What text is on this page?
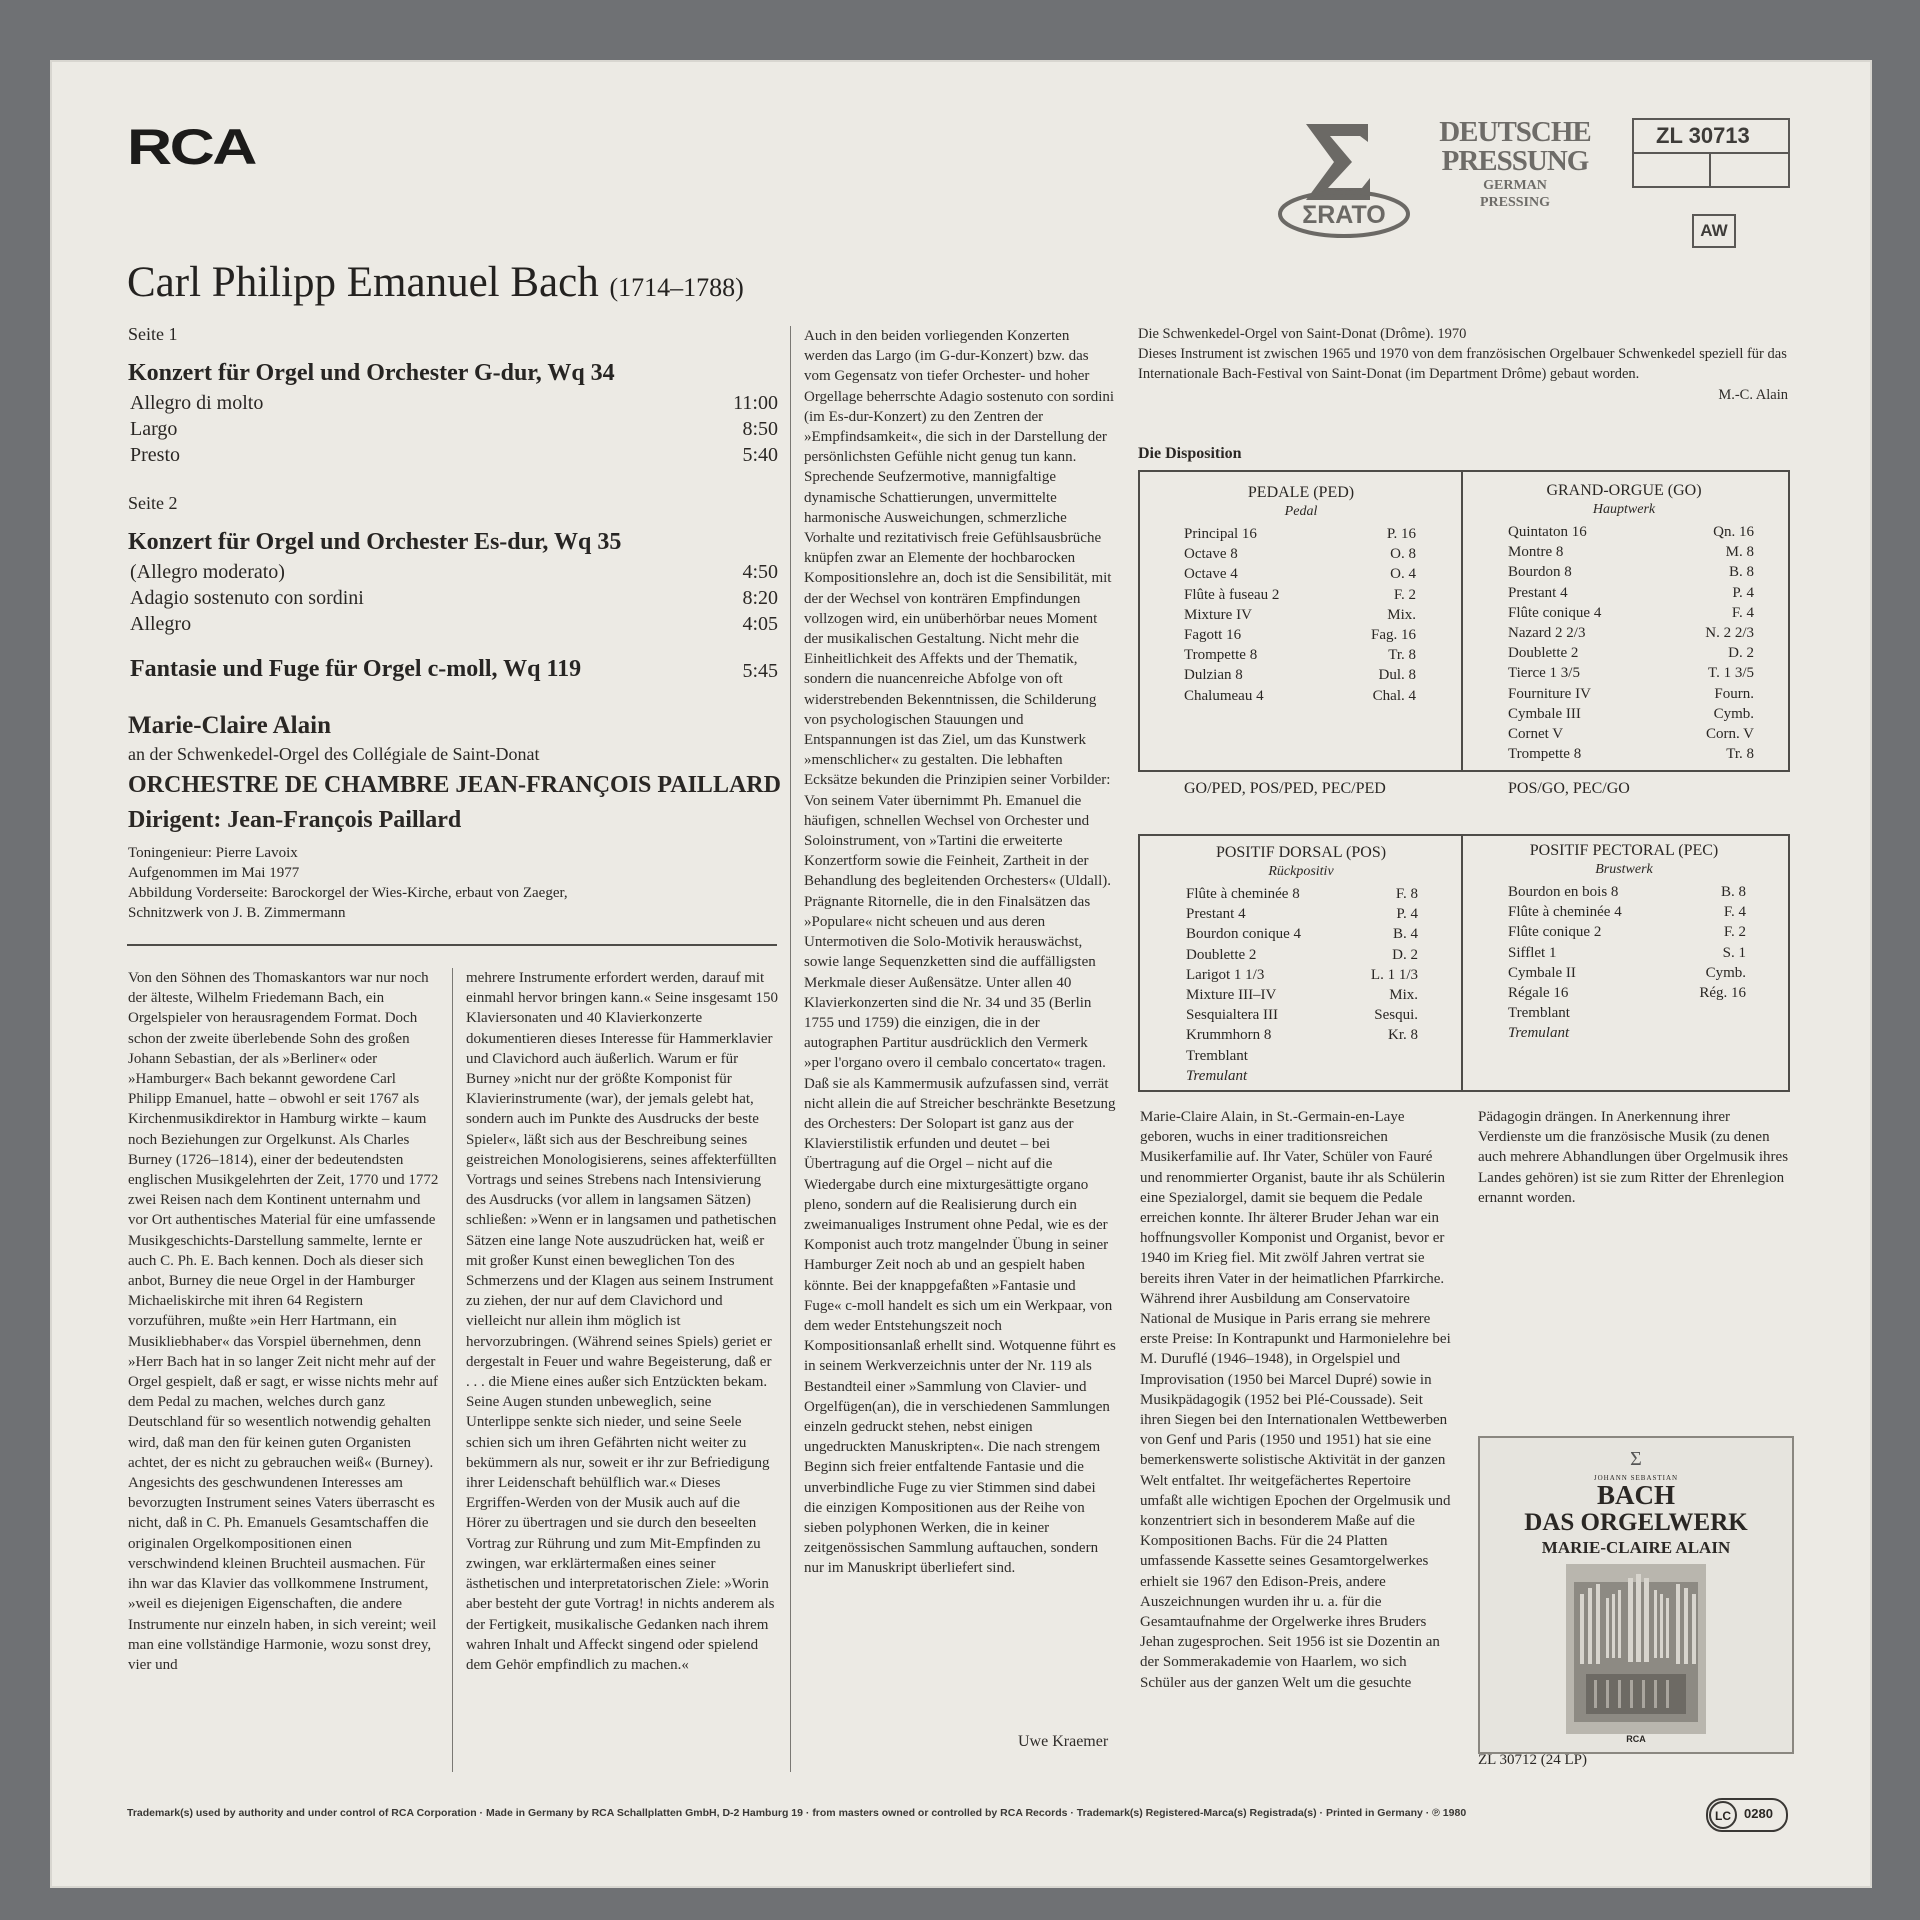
RCA
ΣRATO
DEUTSCHE
PRESSUNG
GERMAN
PRESSING
ZL 30713
AW
Carl Philipp Emanuel Bach (1714–1788)
Seite 1
Konzert für Orgel und Orchester G-dur, Wq 34
Allegro di molto	11:00
Largo	8:50
Presto	5:40
Seite 2
Konzert für Orgel und Orchester Es-dur, Wq 35
(Allegro moderato)	4:50
Adagio sostenuto con sordini	8:20
Allegro	4:05
Fantasie und Fuge für Orgel c-moll, Wq 119	5:45
Marie-Claire Alain
an der Schwenkedel-Orgel des Collégiale de Saint-Donat
ORCHESTRE DE CHAMBRE JEAN-FRANÇOIS PAILLARD
Dirigent: Jean-François Paillard
Toningenieur: Pierre Lavoix
Aufgenommen im Mai 1977
Abbildung Vorderseite: Barockorgel der Wies-Kirche, erbaut von Zaeger,
Schnitzwerk von J. B. Zimmermann
Von den Söhnen des Thomaskantors war nur noch der älteste, Wilhelm Friedemann Bach, ein Orgelspieler von herausragendem Format. Doch schon der zweite überlebende Sohn des großen Johann Sebastian, der als »Berliner« oder »Hamburger« Bach bekannt gewordene Carl Philipp Emanuel, hatte – obwohl er seit 1767 als Kirchenmusikdirektor in Hamburg wirkte – kaum noch Beziehungen zur Orgelkunst. Als Charles Burney (1726–1814), einer der bedeutendsten englischen Musikgelehrten der Zeit, 1770 und 1772 zwei Reisen nach dem Kontinent unternahm und vor Ort authentisches Material für eine umfassende Musikgeschichts-Darstellung sammelte, lernte er auch C. Ph. E. Bach kennen. Doch als dieser sich anbot, Burney die neue Orgel in der Hamburger Michaeliskirche mit ihren 64 Registern vorzuführen, mußte »ein Herr Hartmann, ein Musikliebhaber« das Vorspiel übernehmen, denn »Herr Bach hat in so langer Zeit nicht mehr auf der Orgel gespielt, daß er sagt, er wisse nichts mehr auf dem Pedal zu machen, welches durch ganz Deutschland für so wesentlich notwendig gehalten wird, daß man den für keinen guten Organisten achtet, der es nicht zu gebrauchen weiß« (Burney). Angesichts des geschwundenen Interesses am bevorzugten Instrument seines Vaters überrascht es nicht, daß in C. Ph. Emanuels Gesamtschaffen die originalen Orgelkompositionen einen verschwindend kleinen Bruchteil ausmachen. Für ihn war das Klavier das vollkommene Instrument, »weil es diejenigen Eigenschaften, die andere Instrumente nur einzeln haben, in sich vereint; weil man eine vollständige Harmonie, wozu sonst drey, vier und
mehrere Instrumente erfordert werden, darauf mit einmahl hervor bringen kann.« Seine insgesamt 150 Klaviersonaten und 40 Klavierkonzerte dokumentieren dieses Interesse für Hammerklavier und Clavichord auch äußerlich. Warum er für Burney »nicht nur der größte Komponist für Klavierinstrumente (war), der jemals gelebt hat, sondern auch im Punkte des Ausdrucks der beste Spieler«, läßt sich aus der Beschreibung seines geistreichen Monologisierens, seines affekterfüllten Vortrags und seines Strebens nach Intensivierung des Ausdrucks (vor allem in langsamen Sätzen) schließen: »Wenn er in langsamen und pathetischen Sätzen eine lange Note auszudrücken hat, weiß er mit großer Kunst einen beweglichen Ton des Schmerzens und der Klagen aus seinem Instrument zu ziehen, der nur auf dem Clavichord und vielleicht nur allein ihm möglich ist hervorzubringen. (Während seines Spiels) geriet er dergestalt in Feuer und wahre Begeisterung, daß er . . . die Miene eines außer sich Entzückten bekam. Seine Augen stunden unbeweglich, seine Unterlippe senkte sich nieder, und seine Seele schien sich um ihren Gefährten nicht weiter zu bekümmern als nur, soweit er ihr zur Befriedigung ihrer Leidenschaft behülflich war.« Dieses Ergriffen-Werden von der Musik auch auf die Hörer zu übertragen und sie durch den beseelten Vortrag zur Rührung und zum Mit-Empfinden zu zwingen, war erklärtermaßen eines seiner ästhetischen und interpretatorischen Ziele: »Worin aber besteht der gute Vortrag! in nichts anderem als der Fertigkeit, musikalische Gedanken nach ihrem wahren Inhalt und Affeckt singend oder spielend dem Gehör empfindlich zu machen.«
Auch in den beiden vorliegenden Konzerten werden das Largo (im G-dur-Konzert) bzw. das vom Gegensatz von tiefer Orchester- und hoher Orgellage beherrschte Adagio sostenuto con sordini (im Es-dur-Konzert) zu den Zentren der »Empfindsamkeit«, die sich in der Darstellung der persönlichsten Gefühle nicht genug tun kann. Sprechende Seufzermotive, mannigfaltige dynamische Schattierungen, unvermittelte harmonische Ausweichungen, schmerzliche Vorhalte und rezitativisch freie Gefühlsausbrüche knüpfen zwar an Elemente der hochbarocken Kompositionslehre an, doch ist die Sensibilität, mit der der Wechsel von konträren Empfindungen vollzogen wird, ein unüberhörbar neues Moment der musikalischen Gestaltung. Nicht mehr die Einheitlichkeit des Affekts und der Thematik, sondern die nuancenreiche Abfolge von oft widerstrebenden Bekenntnissen, die Schilderung von psychologischen Stauungen und Entspannungen ist das Ziel, um das Kunstwerk »menschlicher« zu gestalten. Die lebhaften Ecksätze bekunden die Prinzipien seiner Vorbilder: Von seinem Vater übernimmt Ph. Emanuel die häufigen, schnellen Wechsel von Orchester und Soloinstrument, von »Tartini die erweiterte Konzertform sowie die Feinheit, Zartheit in der Behandlung des begleitenden Orchesters« (Uldall). Prägnante Ritornelle, die in den Finalsätzen das »Populare« nicht scheuen und aus deren Untermotiven die Solo-Motivik herauswächst, sowie lange Sequenzketten sind die auffälligsten Merkmale dieser Außensätze. Unter allen 40 Klavierkonzerten sind die Nr. 34 und 35 (Berlin 1755 und 1759) die einzigen, die in der autographen Partitur ausdrücklich den Vermerk »per l'organo overo il cembalo concertato« tragen. Daß sie als Kammermusik aufzufassen sind, verrät nicht allein die auf Streicher beschränkte Besetzung des Orchesters: Der Solopart ist ganz aus der Klavierstilistik erfunden und deutet – bei Übertragung auf die Orgel – nicht auf die Wiedergabe durch eine mixturgesättigte organo pleno, sondern auf die Realisierung durch ein zweimanualiges Instrument ohne Pedal, wie es der Komponist auch trotz mangelnder Übung in seiner Hamburger Zeit noch ab und an gespielt haben könnte. Bei der knappgefaßten »Fantasie und Fuge« c-moll handelt es sich um ein Werkpaar, von dem weder Entstehungszeit noch Kompositionsanlaß erhellt sind. Wotquenne führt es in seinem Werkverzeichnis unter der Nr. 119 als Bestandteil einer »Sammlung von Clavier- und Orgelfügen(an), die in verschiedenen Sammlungen einzeln gedruckt stehen, nebst einigen ungedruckten Manuskripten«. Die nach strengem Beginn sich freier entfaltende Fantasie und die unverbindliche Fuge zu vier Stimmen sind dabei die einzigen Kompositionen aus der Reihe von sieben polyphonen Werken, die in keiner zeitgenössischen Sammlung auftauchen, sondern nur im Manuskript überliefert sind.
Uwe Kraemer
Die Schwenkedel-Orgel von Saint-Donat (Drôme). 1970
Dieses Instrument ist zwischen 1965 und 1970 von dem französischen Orgelbauer Schwenkedel speziell für das Internationale Bach-Festival von Saint-Donat (im Department Drôme) gebaut worden.
M.-C. Alain
Die Disposition
PEDALE (PED)
Pedal
Principal 16	P. 16
Octave 8	O. 8
Octave 4	O. 4
Flûte à fuseau 2	F. 2
Mixture IV	Mix.
Fagott 16	Fag. 16
Trompette 8	Tr. 8
Dulzian 8	Dul. 8
Chalumeau 4	Chal. 4
GRAND-ORGUE (GO)
Hauptwerk
Quintaton 16	Qn. 16
Montre 8	M. 8
Bourdon 8	B. 8
Prestant 4	P. 4
Flûte conique 4	F. 4
Nazard 2 2/3	N. 2 2/3
Doublette 2	D. 2
Tierce 1 3/5	T. 1 3/5
Fourniture IV	Fourn.
Cymbale III	Cymb.
Cornet V	Corn. V
Trompette 8	Tr. 8
GO/PED, POS/PED, PEC/PED	POS/GO, PEC/GO
POSITIF DORSAL (POS)
Rückpositiv
Flûte à cheminée 8	F. 8
Prestant 4	P. 4
Bourdon conique 4	B. 4
Doublette 2	D. 2
Larigot 1 1/3	L. 1 1/3
Mixture III–IV	Mix.
Sesquialtera III	Sesqui.
Krummhorn 8	Kr. 8
Tremblant
Tremulant
POSITIF PECTORAL (PEC)
Brustwerk
Bourdon en bois 8	B. 8
Flûte à cheminée 4	F. 4
Flûte conique 2	F. 2
Sifflet 1	S. 1
Cymbale II	Cymb.
Régale 16	Rég. 16
Tremblant
Tremulant
Marie-Claire Alain, in St.-Germain-en-Laye geboren, wuchs in einer traditionsreichen Musikerfamilie auf. Ihr Vater, Schüler von Fauré und renommierter Organist, baute ihr als Schülerin eine Spezialorgel, damit sie bequem die Pedale erreichen konnte. Ihr älterer Bruder Jehan war ein hoffnungsvoller Komponist und Organist, bevor er 1940 im Krieg fiel. Mit zwölf Jahren vertrat sie bereits ihren Vater in der heimatlichen Pfarrkirche. Während ihrer Ausbildung am Conservatoire National de Musique in Paris errang sie mehrere erste Preise: In Kontrapunkt und Harmonielehre bei M. Duruflé (1946–1948), in Orgelspiel und Improvisation (1950 bei Marcel Dupré) sowie in Musikpädagogik (1952 bei Plé-Coussade). Seit ihren Siegen bei den Internationalen Wettbewerben von Genf und Paris (1950 und 1951) hat sie eine bemerkenswerte solistische Aktivität in der ganzen Welt entfaltet. Ihr weitgefächertes Repertoire umfaßt alle wichtigen Epochen der Orgelmusik und konzentriert sich in besonderem Maße auf die Kompositionen Bachs. Für die 24 Platten umfassende Kassette seines Gesamtorgelwerkes erhielt sie 1967 den Edison-Preis, andere Auszeichnungen wurden ihr u. a. für die Gesamtaufnahme der Orgelwerke ihres Bruders Jehan zugesprochen. Seit 1956 ist sie Dozentin an der Sommerakademie von Haarlem, wo sich Schüler aus der ganzen Welt um die gesuchte
Pädagogin drängen. In Anerkennung ihrer Verdienste um die französische Musik (zu denen auch mehrere Abhandlungen über Orgelmusik ihres Landes gehören) ist sie zum Ritter der Ehrenlegion ernannt worden.
Σ
JOHANN SEBASTIAN
BACH
DAS ORGELWERK
MARIE-CLAIRE ALAIN
RCA
ZL 30712 (24 LP)
Trademark(s) used by authority and under control of RCA Corporation · Made in Germany by RCA Schallplatten GmbH, D-2 Hamburg 19 · from masters owned or controlled by RCA Records · Trademark(s) Registered-Marca(s) Registrada(s) · Printed in Germany · ℗ 1980	LC	0280
